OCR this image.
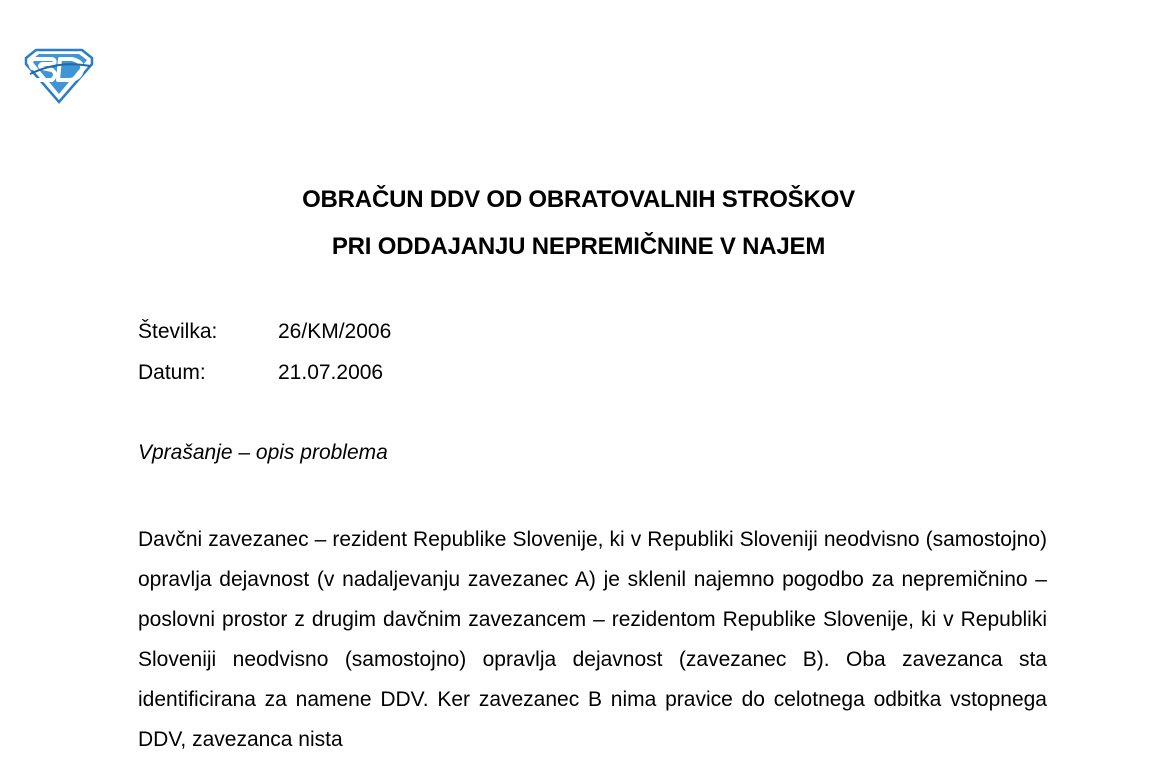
OBRAČUN DDV OD OBRATOVALNIH STROŠKOV
PRI ODDAJANJU NEPREMIČNINE V NAJEM
Številka:	26/KM/2006
Datum:	21.07.2006
Vprašanje – opis problema
Davčni zavezanec – rezident Republike Slovenije, ki v Republiki Sloveniji neodvisno (samostojno) opravlja dejavnost (v nadaljevanju zavezanec A) je sklenil najemno pogodbo za nepremičnino – poslovni prostor z drugim davčnim zavezancem – rezidentom Republike Slovenije, ki v Republiki Sloveniji neodvisno (samostojno) opravlja dejavnost (zavezanec B). Oba zavezanca sta identificirana za namene DDV. Ker zavezanec B nima pravice do celotnega odbitka vstopnega DDV, zavezanca nista
